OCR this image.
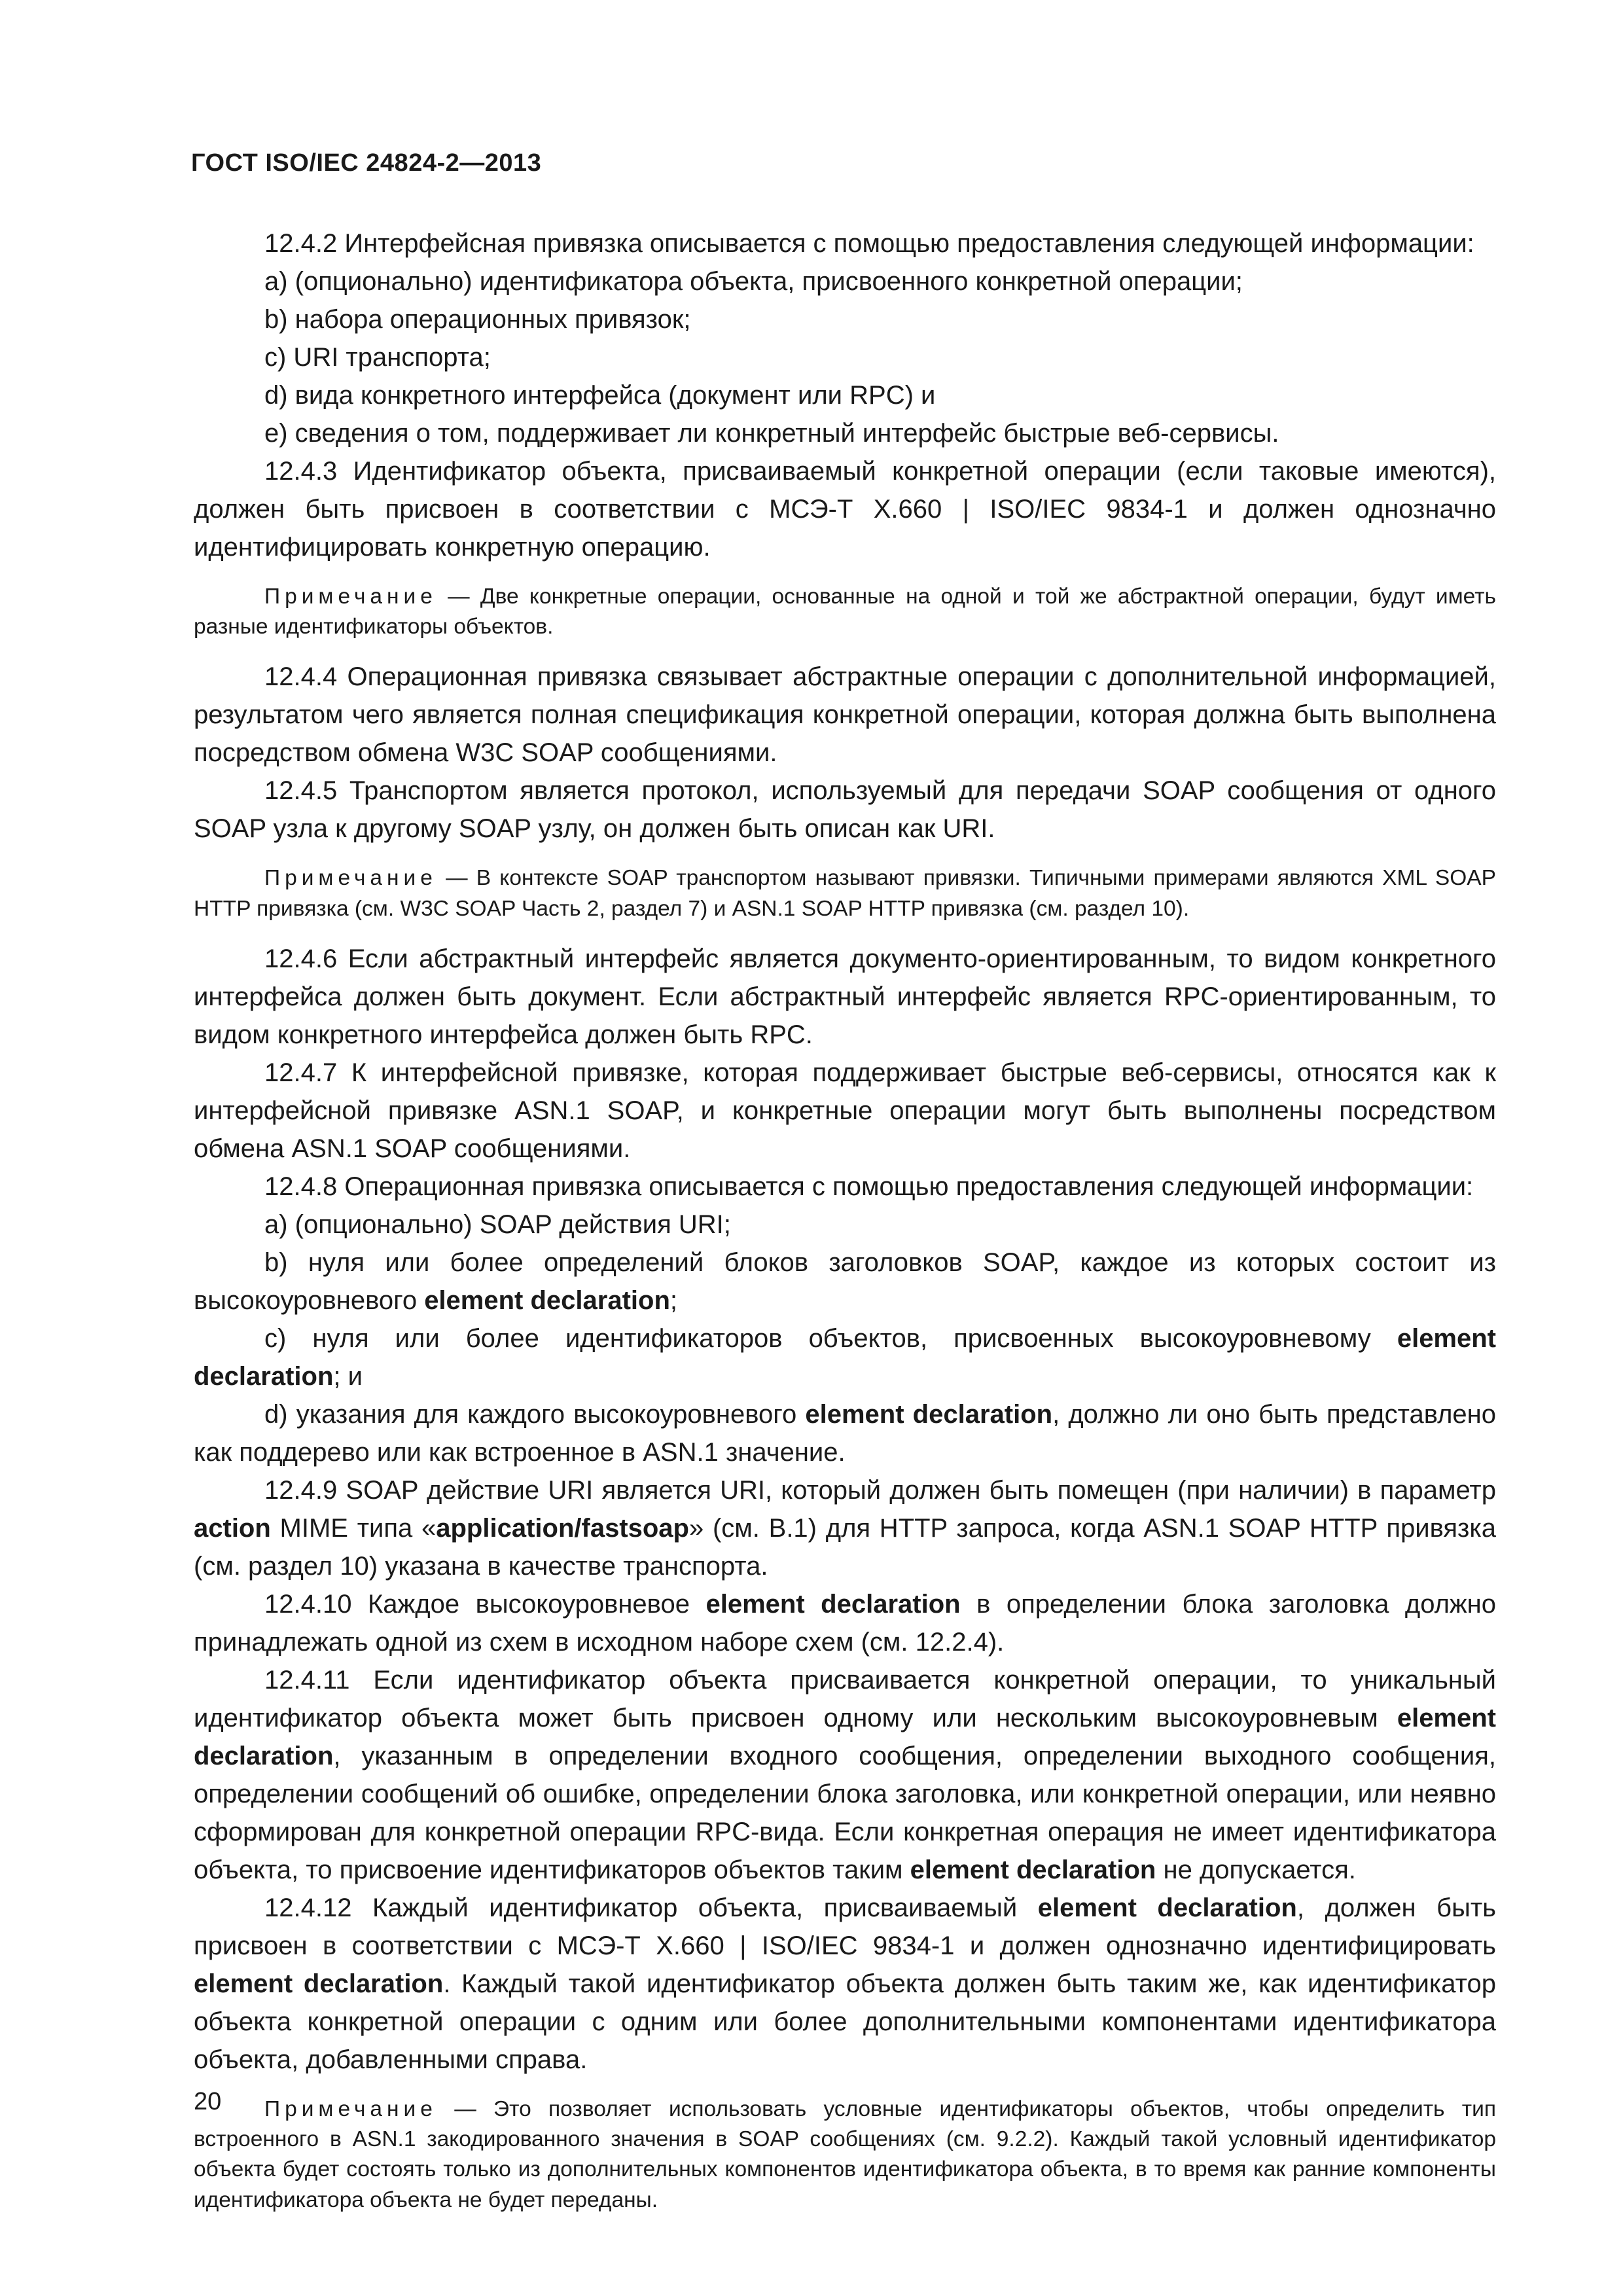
ГОСТ ISO/IEC 24824-2—2013

12.4.2 Интерфейсная привязка описывается с помощью предоставления следующей информации:

a) (опционально) идентификатора объекта, присвоенного конкретной операции;

b) набора операционных привязок;

c) URI транспорта;

d) вида конкретного интерфейса (документ или RPC) и

e) сведения о том, поддерживает ли конкретный интерфейс быстрые веб-сервисы.

12.4.3 Идентификатор объекта, присваиваемый конкретной операции (если таковые имеются), должен быть присвоен в соответствии с МСЭ-Т X.660 | ISO/IEC 9834-1 и должен однозначно идентифицировать конкретную операцию.

Примечание — Две конкретные операции, основанные на одной и той же абстрактной операции, будут иметь разные идентификаторы объектов.

12.4.4 Операционная привязка связывает абстрактные операции с дополнительной информацией, результатом чего является полная спецификация конкретной операции, которая должна быть выполнена посредством обмена W3C SOAP сообщениями.

12.4.5 Транспортом является протокол, используемый для передачи SOAP сообщения от одного SOAP узла к другому SOAP узлу, он должен быть описан как URI.

Примечание — В контексте SOAP транспортом называют привязки. Типичными примерами являются XML SOAP HTTP привязка (см. W3C SOAP Часть 2, раздел 7) и ASN.1 SOAP HTTP привязка (см. раздел 10).

12.4.6 Если абстрактный интерфейс является документо-ориентированным, то видом конкретного интерфейса должен быть документ. Если абстрактный интерфейс является RPC-ориентированным, то видом конкретного интерфейса должен быть RPC.

12.4.7 К интерфейсной привязке, которая поддерживает быстрые веб-сервисы, относятся как к интерфейсной привязке ASN.1 SOAP, и конкретные операции могут быть выполнены посредством обмена ASN.1 SOAP сообщениями.

12.4.8 Операционная привязка описывается с помощью предоставления следующей информации:

a) (опционально) SOAP действия URI;

b) нуля или более определений блоков заголовков SOAP, каждое из которых состоит из высокоуровневого element declaration;

c) нуля или более идентификаторов объектов, присвоенных высокоуровневому element declaration; и

d) указания для каждого высокоуровневого element declaration, должно ли оно быть представлено как поддерево или как встроенное в ASN.1 значение.

12.4.9 SOAP действие URI является URI, который должен быть помещен (при наличии) в параметр action MIME типа «application/fastsoap» (см. В.1) для HTTP запроса, когда ASN.1 SOAP HTTP привязка (см. раздел 10) указана в качестве транспорта.

12.4.10 Каждое высокоуровневое element declaration в определении блока заголовка должно принадлежать одной из схем в исходном наборе схем (см. 12.2.4).

12.4.11 Если идентификатор объекта присваивается конкретной операции, то уникальный идентификатор объекта может быть присвоен одному или нескольким высокоуровневым element declaration, указанным в определении входного сообщения, определении выходного сообщения, определении сообщений об ошибке, определении блока заголовка, или конкретной операции, или неявно сформирован для конкретной операции RPC-вида. Если конкретная операция не имеет идентификатора объекта, то присвоение идентификаторов объектов таким element declaration не допускается.

12.4.12 Каждый идентификатор объекта, присваиваемый element declaration, должен быть присвоен в соответствии с МСЭ-Т X.660 | ISO/IEC 9834-1 и должен однозначно идентифицировать element declaration. Каждый такой идентификатор объекта должен быть таким же, как идентификатор объекта конкретной операции с одним или более дополнительными компонентами идентификатора объекта, добавленными справа.

Примечание — Это позволяет использовать условные идентификаторы объектов, чтобы определить тип встроенного в ASN.1 закодированного значения в SOAP сообщениях (см. 9.2.2). Каждый такой условный идентификатор объекта будет состоять только из дополнительных компонентов идентификатора объекта, в то время как ранние компоненты идентификатора объекта не будет переданы.

20
